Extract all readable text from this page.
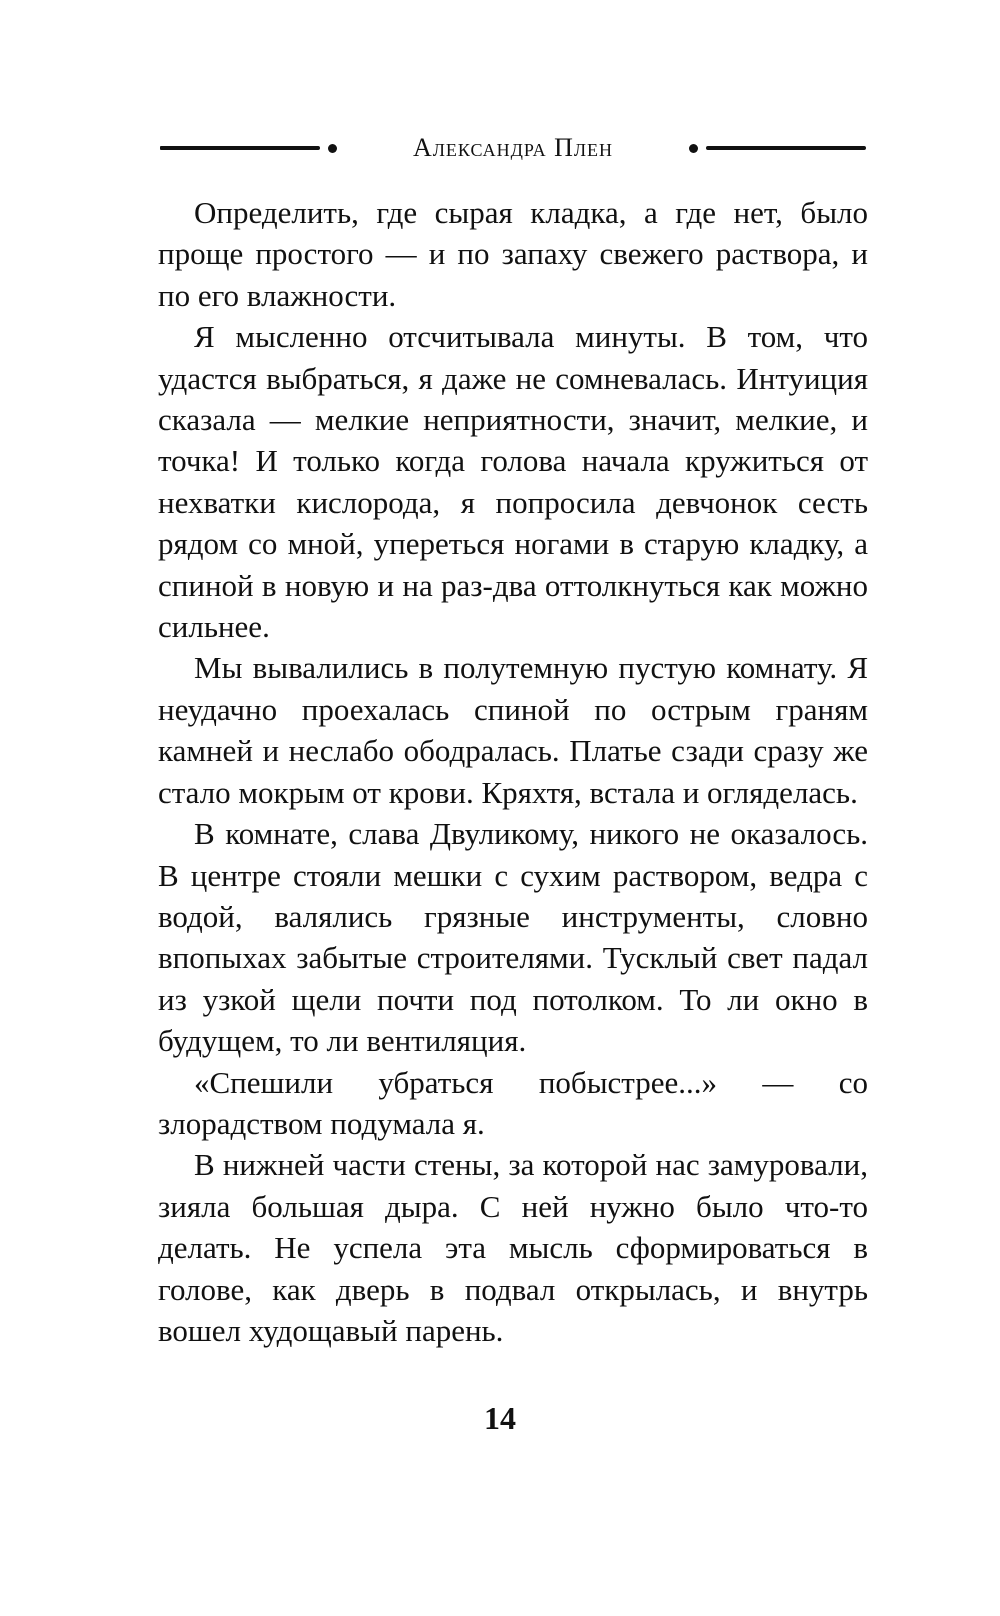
Александра Плен

Определить, где сырая кладка, а где нет, было проще простого — и по запаху свежего раствора, и по его влажности.

Я мысленно отсчитывала минуты. В том, что удастся выбраться, я даже не сомневалась. Интуиция сказала — мелкие неприятности, значит, мелкие, и точка! И только когда голова начала кружиться от нехватки кислорода, я попросила девчонок сесть рядом со мной, упереться ногами в старую кладку, а спиной в новую и на раз-два оттолкнуться как можно сильнее.

Мы вывалились в полутемную пустую комнату. Я неудачно проехалась спиной по острым граням камней и неслабо ободралась. Платье сзади сразу же стало мокрым от крови. Кряхтя, встала и огляделась.

В комнате, слава Двуликому, никого не оказалось. В центре стояли мешки с сухим раствором, ведра с водой, валялись грязные инструменты, словно впопыхах забытые строителями. Тусклый свет падал из узкой щели почти под потолком. То ли окно в будущем, то ли вентиляция.

«Спешили убраться побыстрее...» — со злорадством подумала я.

В нижней части стены, за которой нас замуровали, зияла большая дыра. С ней нужно было что-то делать. Не успела эта мысль сформироваться в голове, как дверь в подвал открылась, и внутрь вошел худощавый парень.

14
